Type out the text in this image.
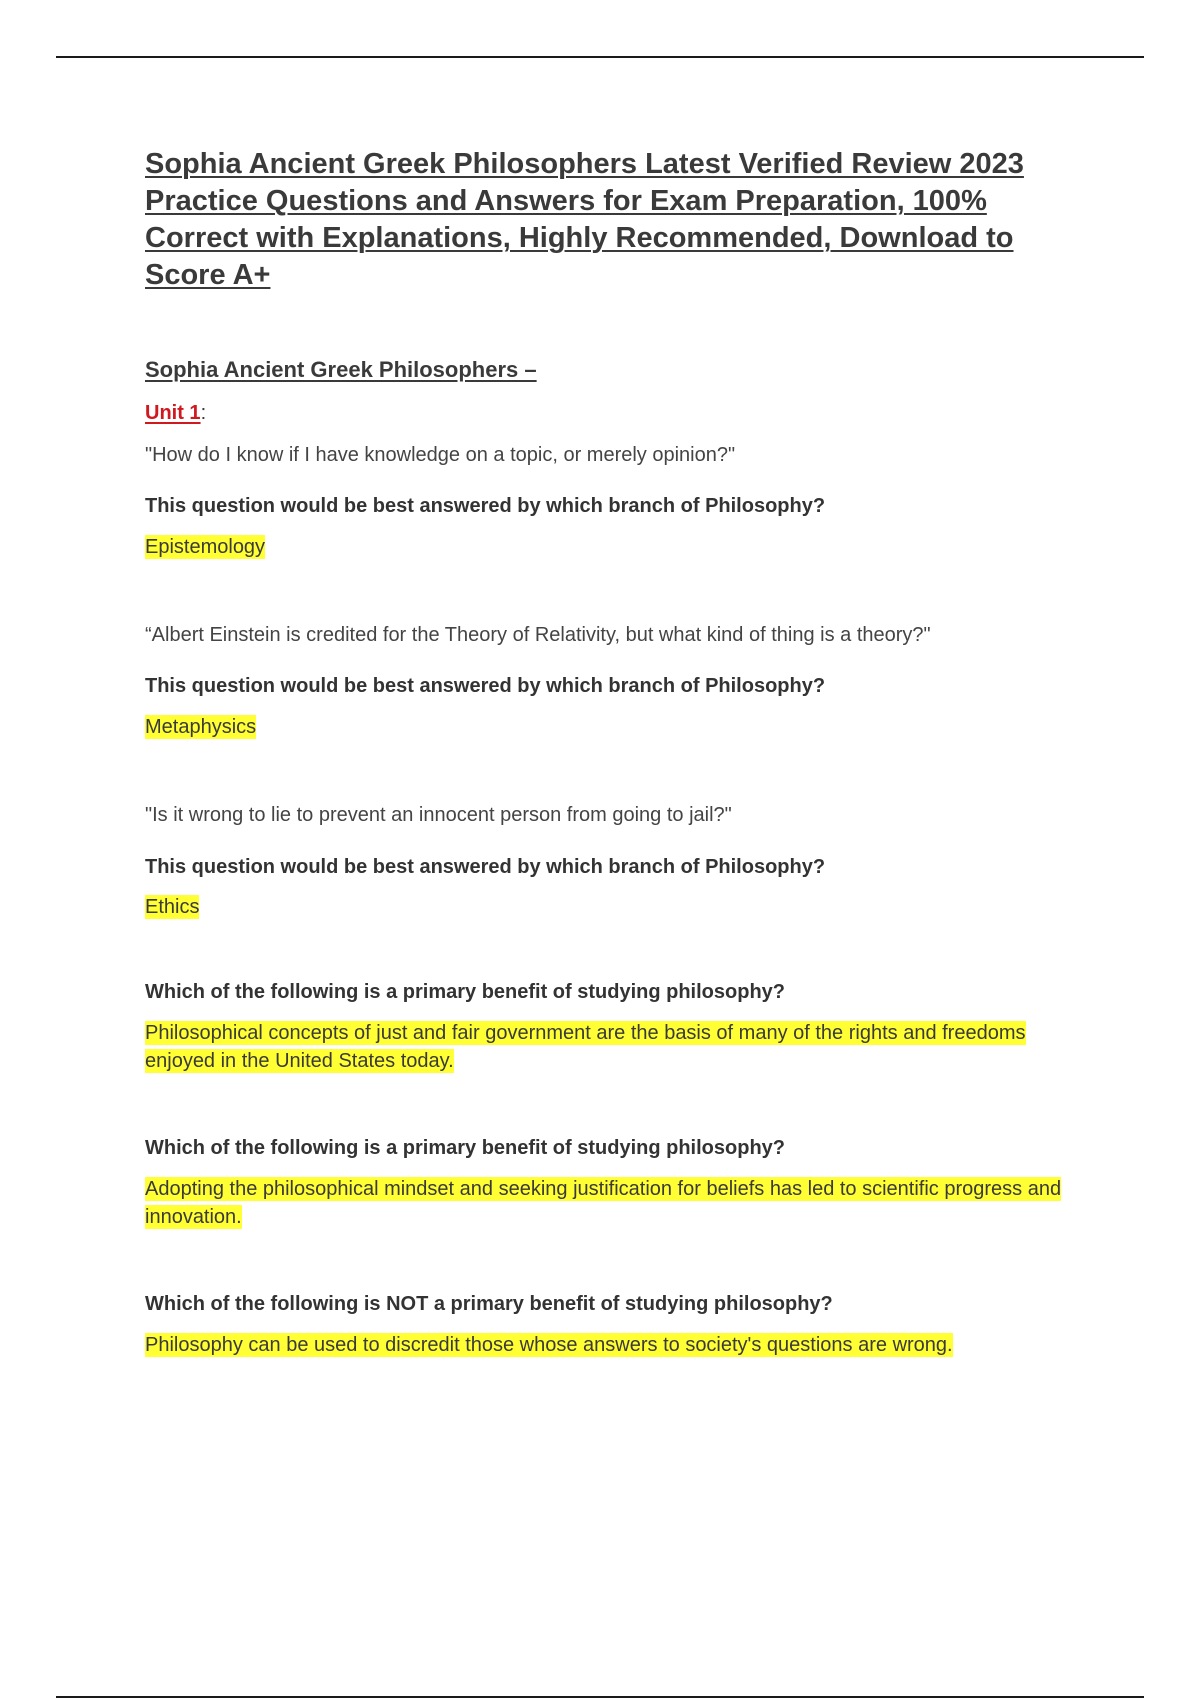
Sophia Ancient Greek Philosophers Latest Verified Review 2023 Practice Questions and Answers for Exam Preparation, 100% Correct with Explanations, Highly Recommended, Download to Score A+
Sophia Ancient Greek Philosophers –

Unit 1:

"How do I know if I have knowledge on a topic, or merely opinion?"

This question would be best answered by which branch of Philosophy?

Epistemology

“Albert Einstein is credited for the Theory of Relativity, but what kind of thing is a theory?"

This question would be best answered by which branch of Philosophy?

Metaphysics

"Is it wrong to lie to prevent an innocent person from going to jail?"

This question would be best answered by which branch of Philosophy?

Ethics

Which of the following is a primary benefit of studying philosophy?

Philosophical concepts of just and fair government are the basis of many of the rights and freedoms enjoyed in the United States today.

Which of the following is a primary benefit of studying philosophy?

Adopting the philosophical mindset and seeking justification for beliefs has led to scientific progress and innovation.

Which of the following is NOT a primary benefit of studying philosophy?

Philosophy can be used to discredit those whose answers to society's questions are wrong.
